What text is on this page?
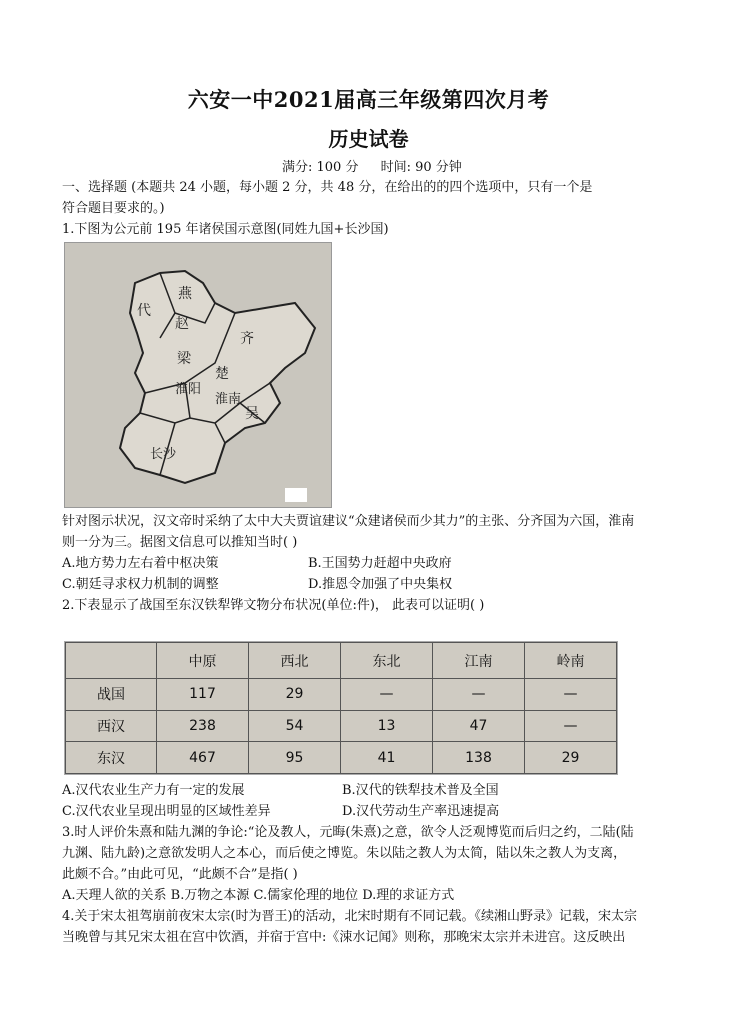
六安一中2021届高三年级第四次月考
历史试卷
满分: 100 分 时间: 90 分钟
一、选择题 (本题共 24 小题，每小题 2 分，共 48 分，在给出的的四个选项中，只有一个是
符合题目要求的。)
1.下图为公元前 195 年诸侯国示意图(同姓九国+长沙国)
代
燕
赵
齐
梁
淮阳
淮南
楚
吴
长沙
针对图示状况，汉文帝时采纳了太中大夫贾谊建议“众建诸侯而少其力”的主张、分齐国为六国，淮南
则一分为三。据图文信息可以推知当时( )
A.地方势力左右着中枢决策	B.王国势力赶超中央政府
C.朝廷寻求权力机制的调整	D.推恩令加强了中央集权
2.下表显示了战国至东汉铁犁铧文物分布状况(单位:件)， 此表可以证明( )
	中原	西北	东北	江南	岭南
战国	117	29	—	—	—
西汉	238	54	13	47	—
东汉	467	95	41	138	29
A.汉代农业生产力有一定的发展	B.汉代的铁犁技术普及全国
C.汉代农业呈现出明显的区域性差异	D.汉代劳动生产率迅速提高
3.时人评价朱熹和陆九渊的争论:“论及教人，元晦(朱熹)之意，欲令人泛观博览而后归之约，二陆(陆
九渊、陆九龄)之意欲发明人之本心，而后使之博览。朱以陆之教人为太简，陆以朱之教人为支离，
此颇不合。”由此可见，“此颇不合”是指( )
A.天理人欲的关系 B.万物之本源 C.儒家伦理的地位 D.理的求证方式
4.关于宋太祖驾崩前夜宋太宗(时为晋王)的活动，北宋时期有不同记载。《续湘山野录》记载，宋太宗
当晚曾与其兄宋太祖在宫中饮酒，并宿于宫中:《涑水记闻》则称，那晚宋太宗并未进宫。这反映出
